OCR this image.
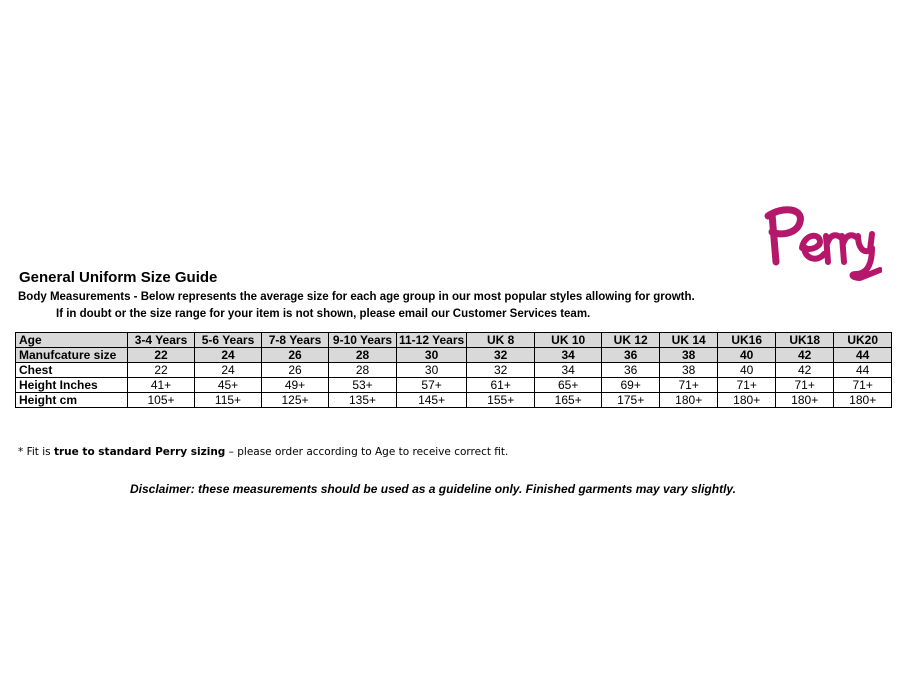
General Uniform Size Guide
Body Measurements - Below represents the average size for each age group in our most popular styles allowing for growth.
If in doubt or the size range for your item is not shown, please email our Customer Services team.
Age	3-4 Years	5-6 Years	7-8 Years	9-10 Years	11-12 Years	UK 8	UK 10	UK 12	UK 14	UK16	UK18	UK20
Manufcature size	22	24	26	28	30	32	34	36	38	40	42	44
Chest	22	24	26	28	30	32	34	36	38	40	42	44
Height Inches	41+	45+	49+	53+	57+	61+	65+	69+	71+	71+	71+	71+
Height cm	105+	115+	125+	135+	145+	155+	165+	175+	180+	180+	180+	180+
* Fit is true to standard Perry sizing – please order according to Age to receive correct fit.
Disclaimer: these measurements should be used as a guideline only. Finished garments may vary slightly.
